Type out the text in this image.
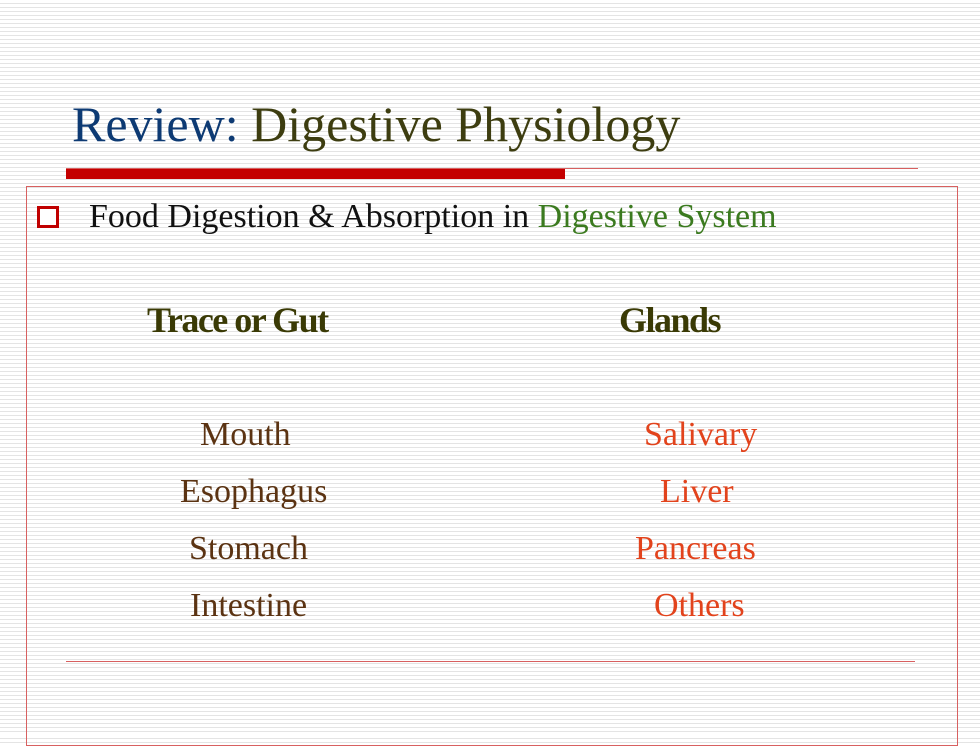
Review: Digestive Physiology
Food Digestion & Absorption in Digestive System
Trace or Gut	Glands
Mouth
Esophagus
Stomach
Intestine
Salivary
Liver
Pancreas
Others
